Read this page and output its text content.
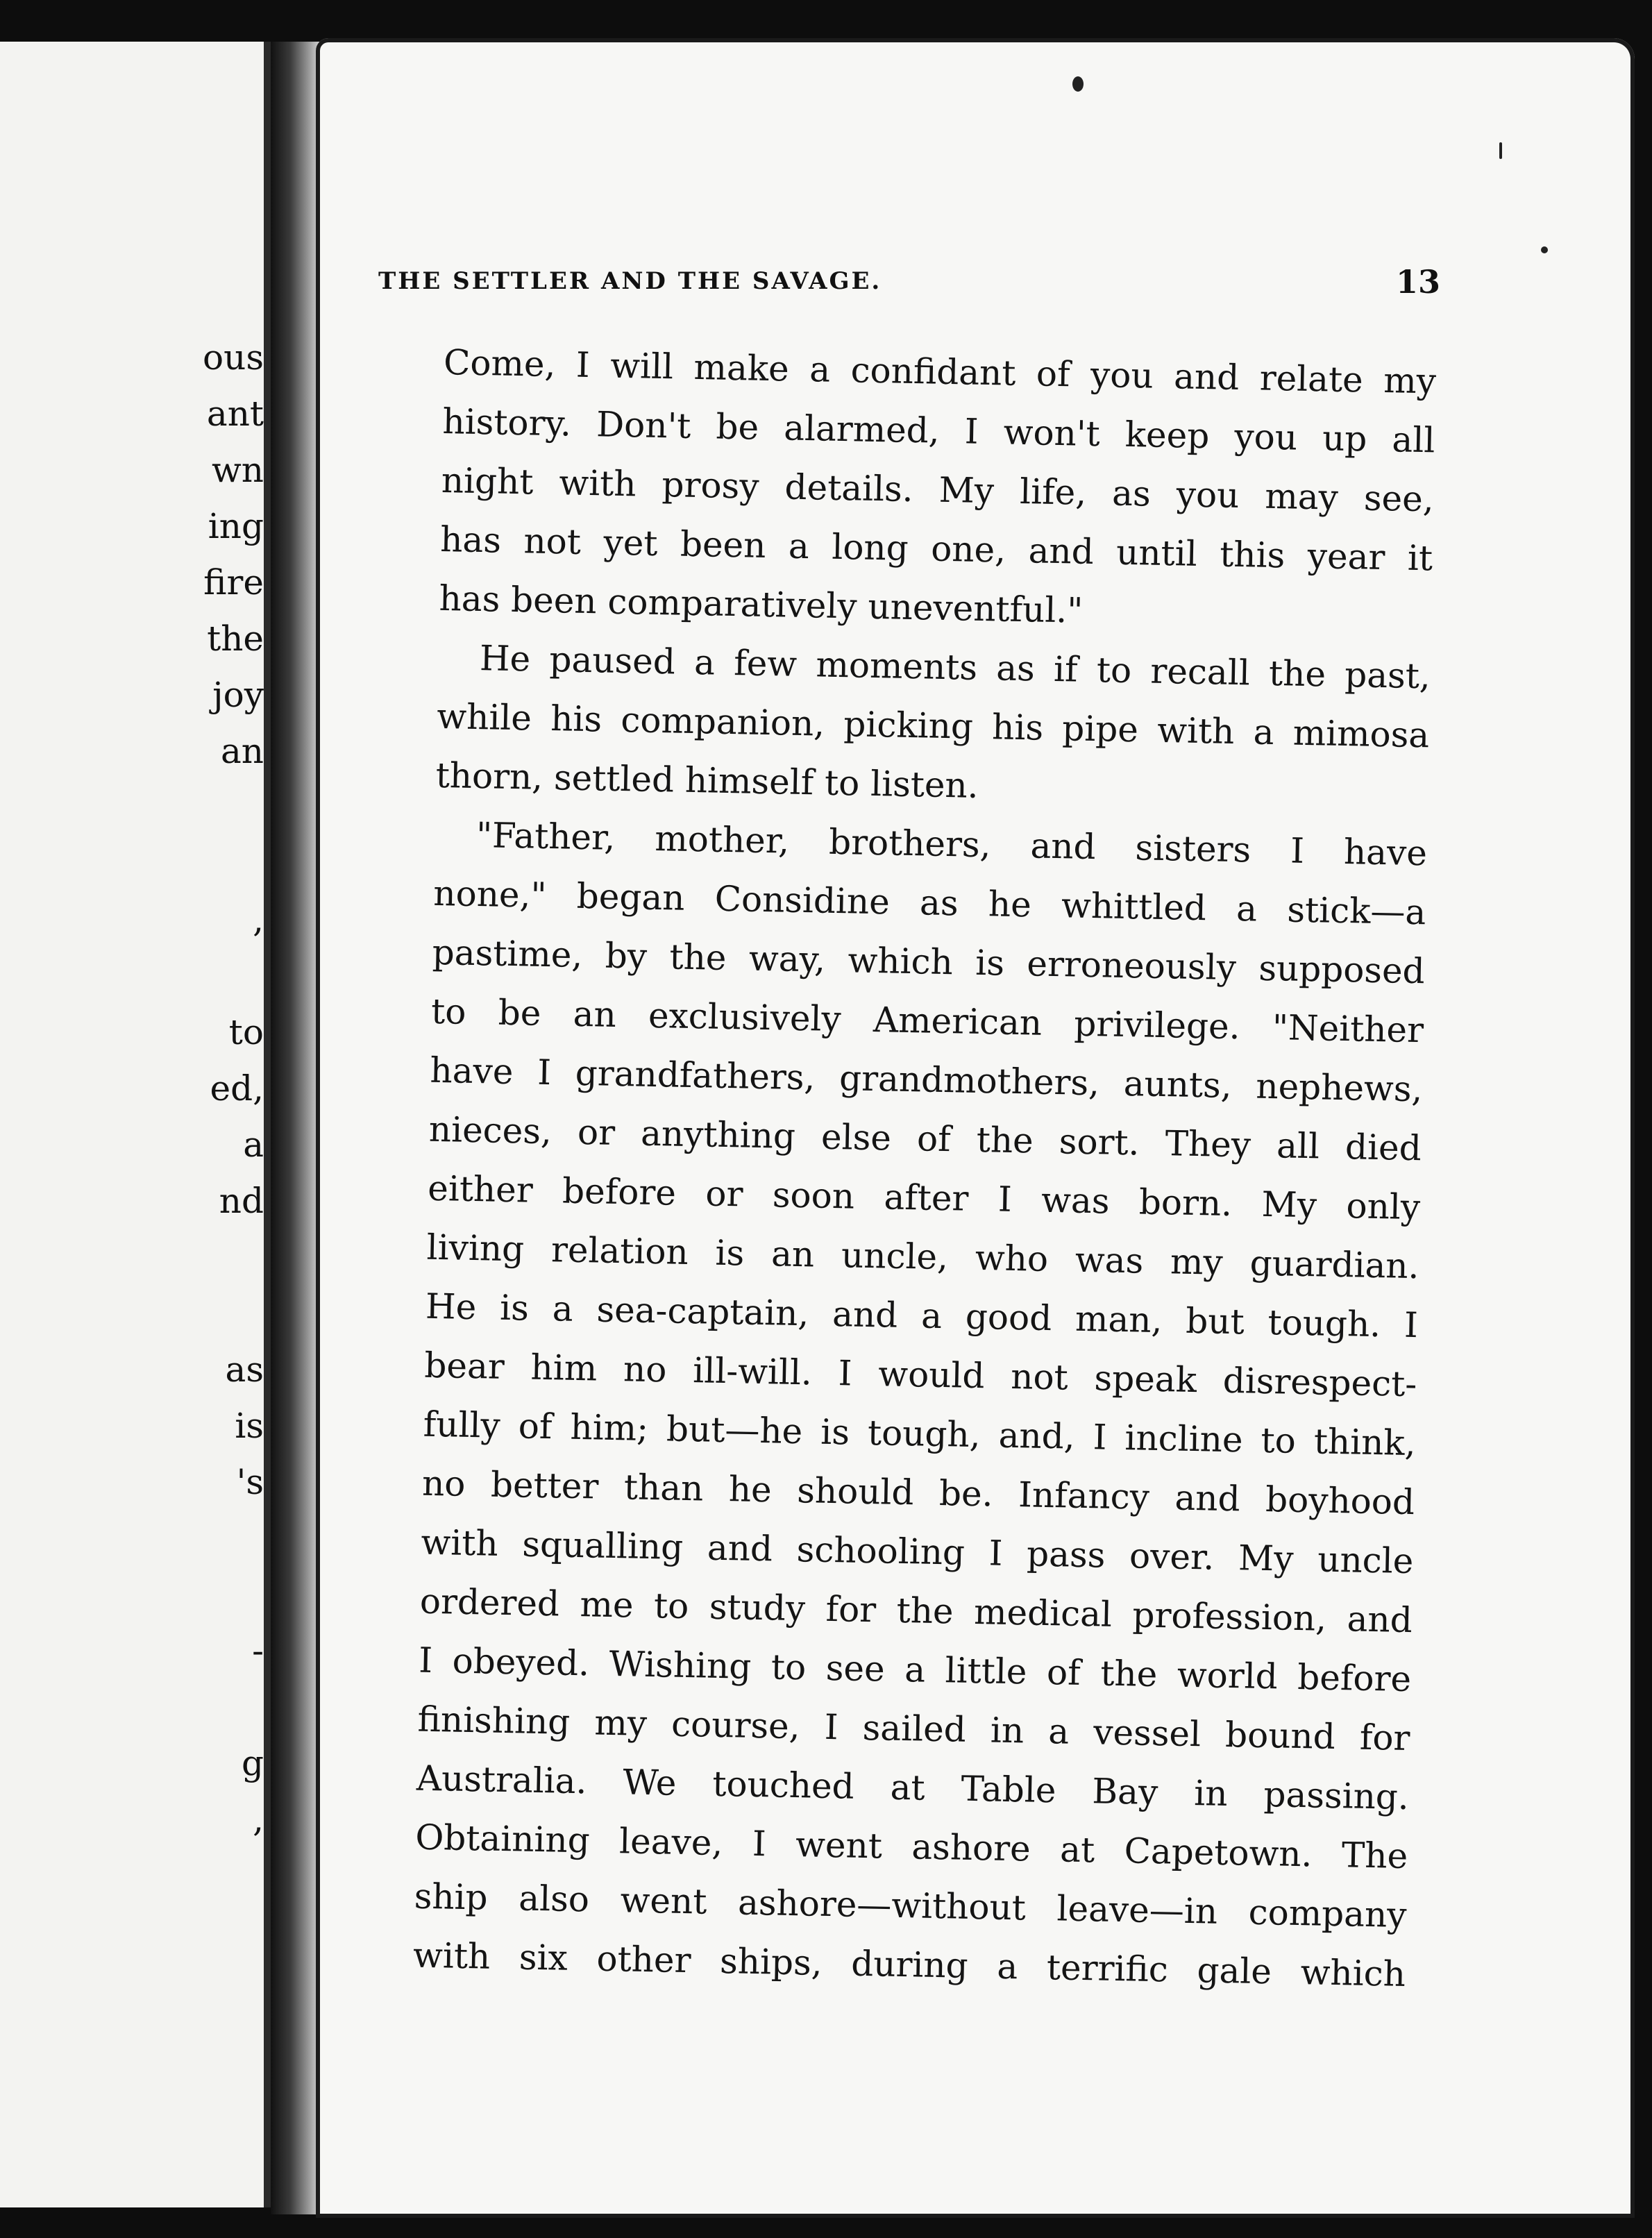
ous
ant
wn
ing
fire
the
joy
an
,
to
ed,
a
nd
as
is
's
-
g
,
THE SETTLER AND THE SAVAGE.	13
Come, I will make a confidant of you and relate my
history. Don't be alarmed, I won't keep you up all
night with prosy details. My life, as you may see,
has not yet been a long one, and until this year it
has been comparatively uneventful."
He paused a few moments as if to recall the past,
while his companion, picking his pipe with a mimosa
thorn, settled himself to listen.
"Father, mother, brothers, and sisters I have
none," began Considine as he whittled a stick—a
pastime, by the way, which is erroneously supposed
to be an exclusively American privilege. "Neither
have I grandfathers, grandmothers, aunts, nephews,
nieces, or anything else of the sort. They all died
either before or soon after I was born. My only
living relation is an uncle, who was my guardian.
He is a sea-captain, and a good man, but tough. I
bear him no ill-will. I would not speak disrespect-
fully of him; but—he is tough, and, I incline to think,
no better than he should be. Infancy and boyhood
with squalling and schooling I pass over. My uncle
ordered me to study for the medical profession, and
I obeyed. Wishing to see a little of the world before
finishing my course, I sailed in a vessel bound for
Australia. We touched at Table Bay in passing.
Obtaining leave, I went ashore at Capetown. The
ship also went ashore—without leave—in company
with six other ships, during a terrific gale which
